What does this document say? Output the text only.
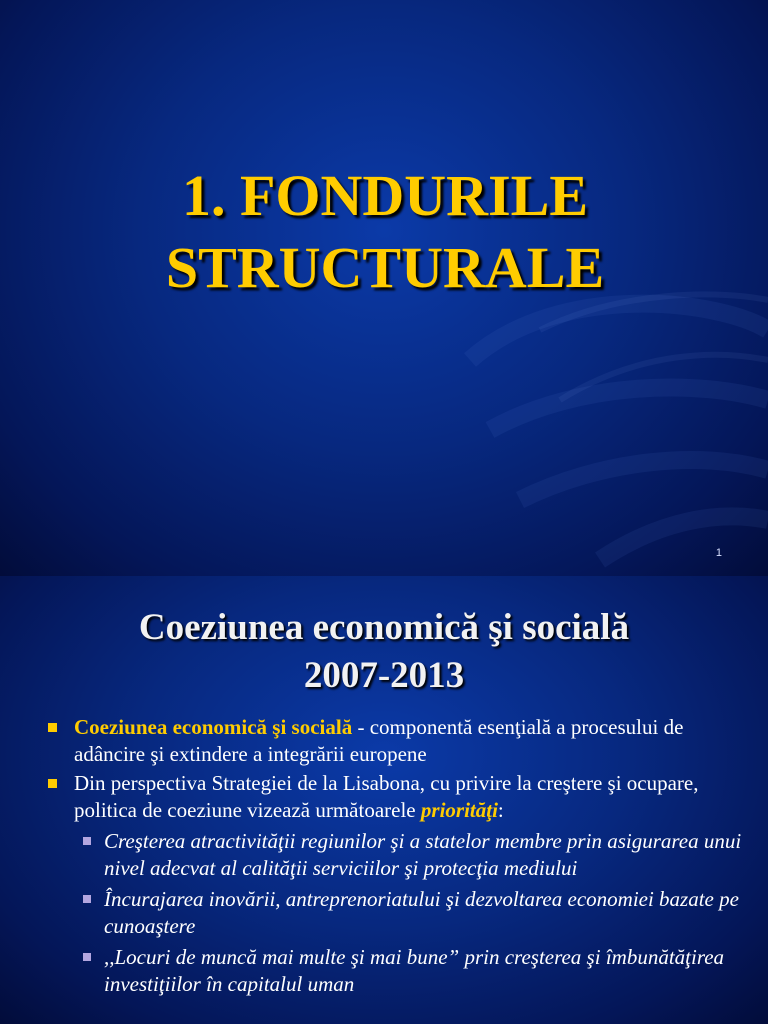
1. FONDURILE
STRUCTURALE
1
Coeziunea economică şi socială
2007-2013
Coeziunea economică şi socială - componentă esenţială a procesului de adâncire şi extindere a integrării europene
Din perspectiva Strategiei de la Lisabona, cu privire la creştere şi ocupare, politica de coeziune vizează următoarele priorităţi:
Creşterea atractivităţii regiunilor şi a statelor membre prin asigurarea unui nivel adecvat al calităţii serviciilor şi protecţia mediului
Încurajarea inovării, antreprenoriatului şi dezvoltarea economiei bazate pe cunoaştere
,,Locuri de muncă mai multe şi mai bune” prin creşterea şi îmbunătăţirea investiţiilor în capitalul uman
